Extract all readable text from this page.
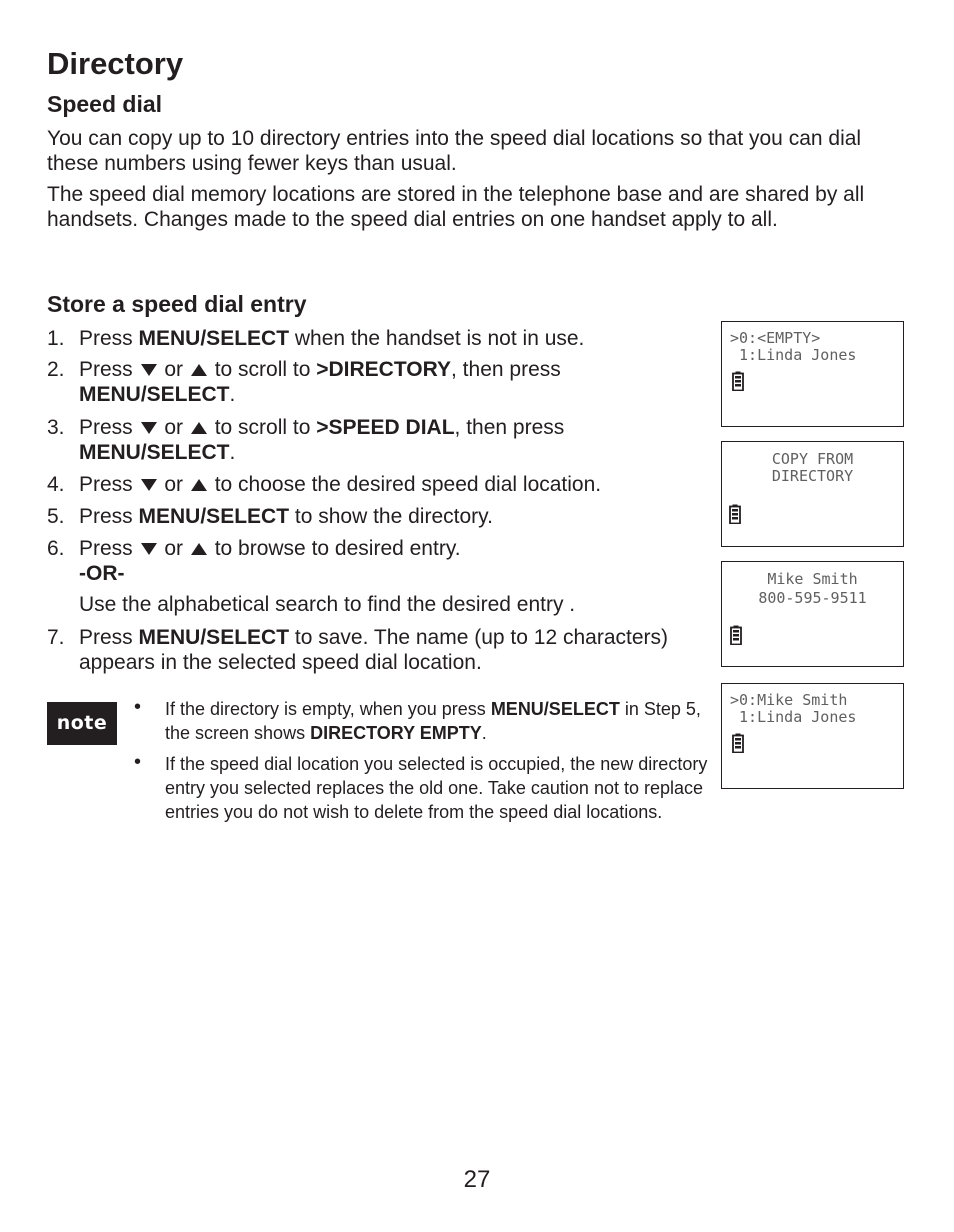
Directory
Speed dial

You can copy up to 10 directory entries into the speed dial locations so that you can dial these numbers using fewer keys than usual.

The speed dial memory locations are stored in the telephone base and are shared by all handsets. Changes made to the speed dial entries on one handset apply to all.

Store a speed dial entry
1. Press MENU/SELECT when the handset is not in use.
2. Press  or  to scroll to >DIRECTORY, then press
MENU/SELECT.
3. Press  or  to scroll to >SPEED DIAL, then press
MENU/SELECT.
4. Press  or  to choose the desired speed dial location.
5. Press MENU/SELECT to show the directory.
6. Press  or  to browse to desired entry.
-OR-
Use the alphabetical search to find the desired entry .
7. Press MENU/SELECT to save. The name (up to 12 characters) appears in the selected speed dial location.
note
• If the directory is empty, when you press MENU/SELECT in Step 5, the screen shows DIRECTORY EMPTY.
• If the speed dial location you selected is occupied, the new directory entry you selected replaces the old one. Take caution not to replace entries you do not wish to delete from the speed dial locations.

>0:<EMPTY>

1:Linda Jones

COPY FROM

DIRECTORY

Mike Smith

800-595-9511

>0:Mike Smith

1:Linda Jones

27
